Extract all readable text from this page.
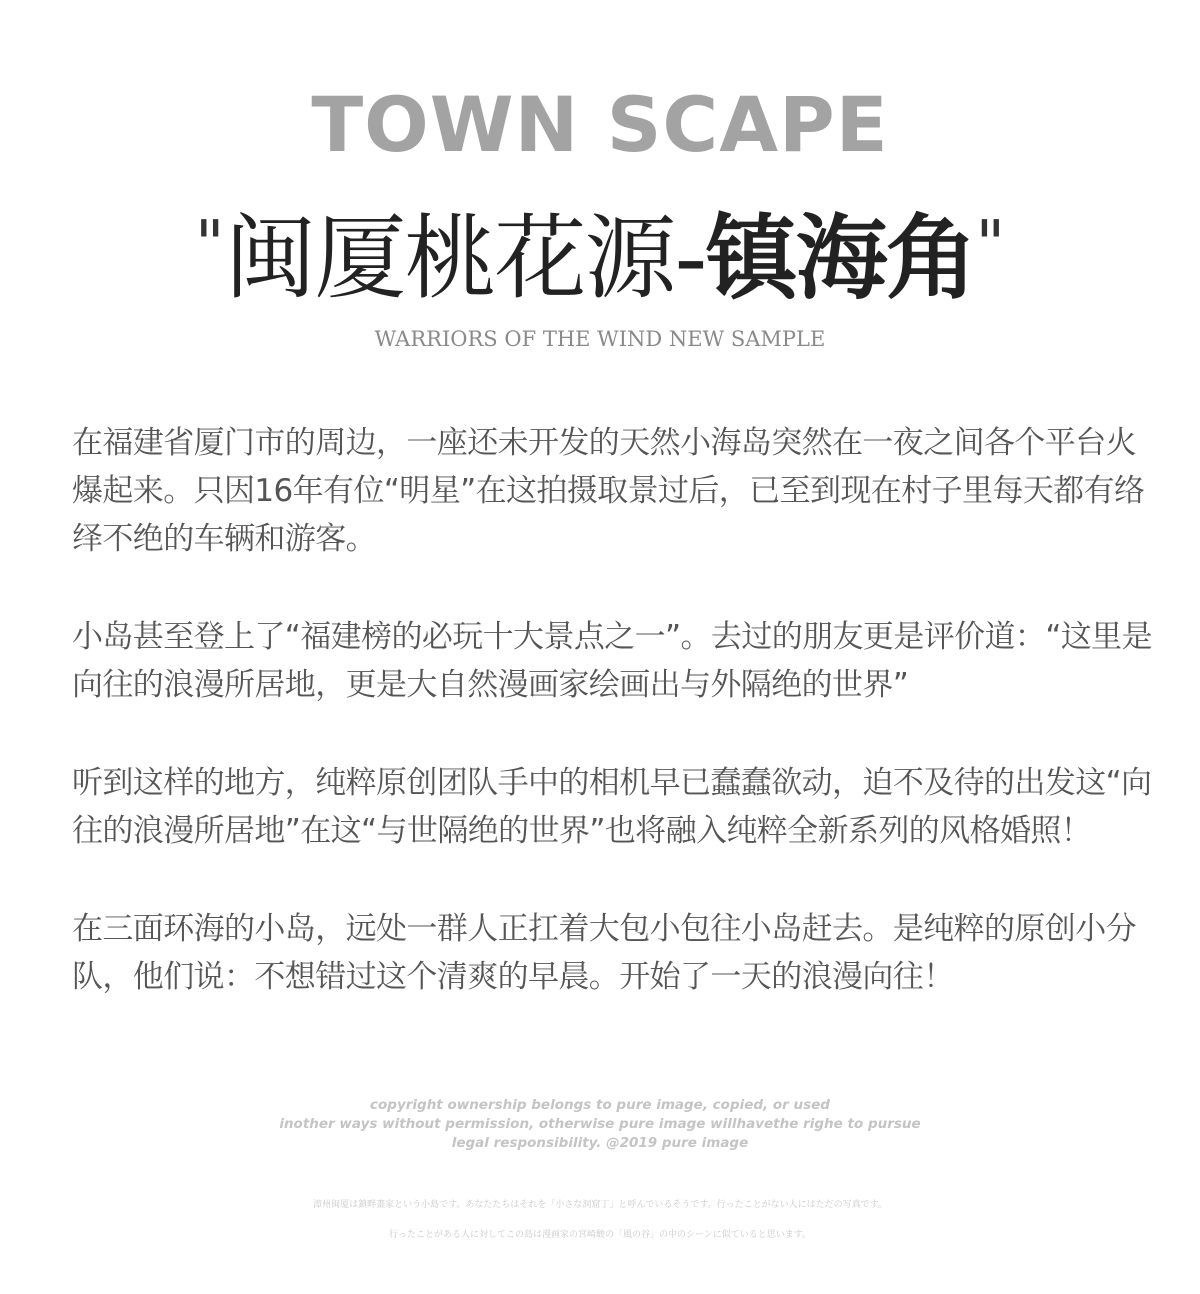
TOWN SCAPE
"闽厦桃花源-镇海角"
WARRIORS OF THE WIND NEW SAMPLE

在福建省厦门市的周边，一座还未开发的天然小海岛突然在一夜之间各个平台火爆起来。只因16年有位“明星”在这拍摄取景过后，已至到现在村子里每天都有络绎不绝的车辆和游客。

小岛甚至登上了“福建榜的必玩十大景点之一”。去过的朋友更是评价道：“这里是向往的浪漫所居地，更是大自然漫画家绘画出与外隔绝的世界”

听到这样的地方，纯粹原创团队手中的相机早已蠢蠢欲动，迫不及待的出发这“向往的浪漫所居地”在这“与世隔绝的世界”也将融入纯粹全新系列的风格婚照！

在三面环海的小岛，远处一群人正扛着大包小包往小岛赶去。是纯粹的原创小分队，他们说：不想错过这个清爽的早晨。开始了一天的浪漫向往！

copyright ownership belongs to pure image, copied, or used
inother ways without permission, otherwise pure image willhavethe righe to pursue
legal responsibility. @2019 pure image
漳州闽厦は鎮畔畫家という小島です。あなたたちはそれを「小さな洞窟丁」と呼んでいるそうです。行ったことがない人にはただの写真です。
行ったことがある人に対してこの島は漫画家の宮崎駿の「風の谷」の中のシーンに似ていると思います。
